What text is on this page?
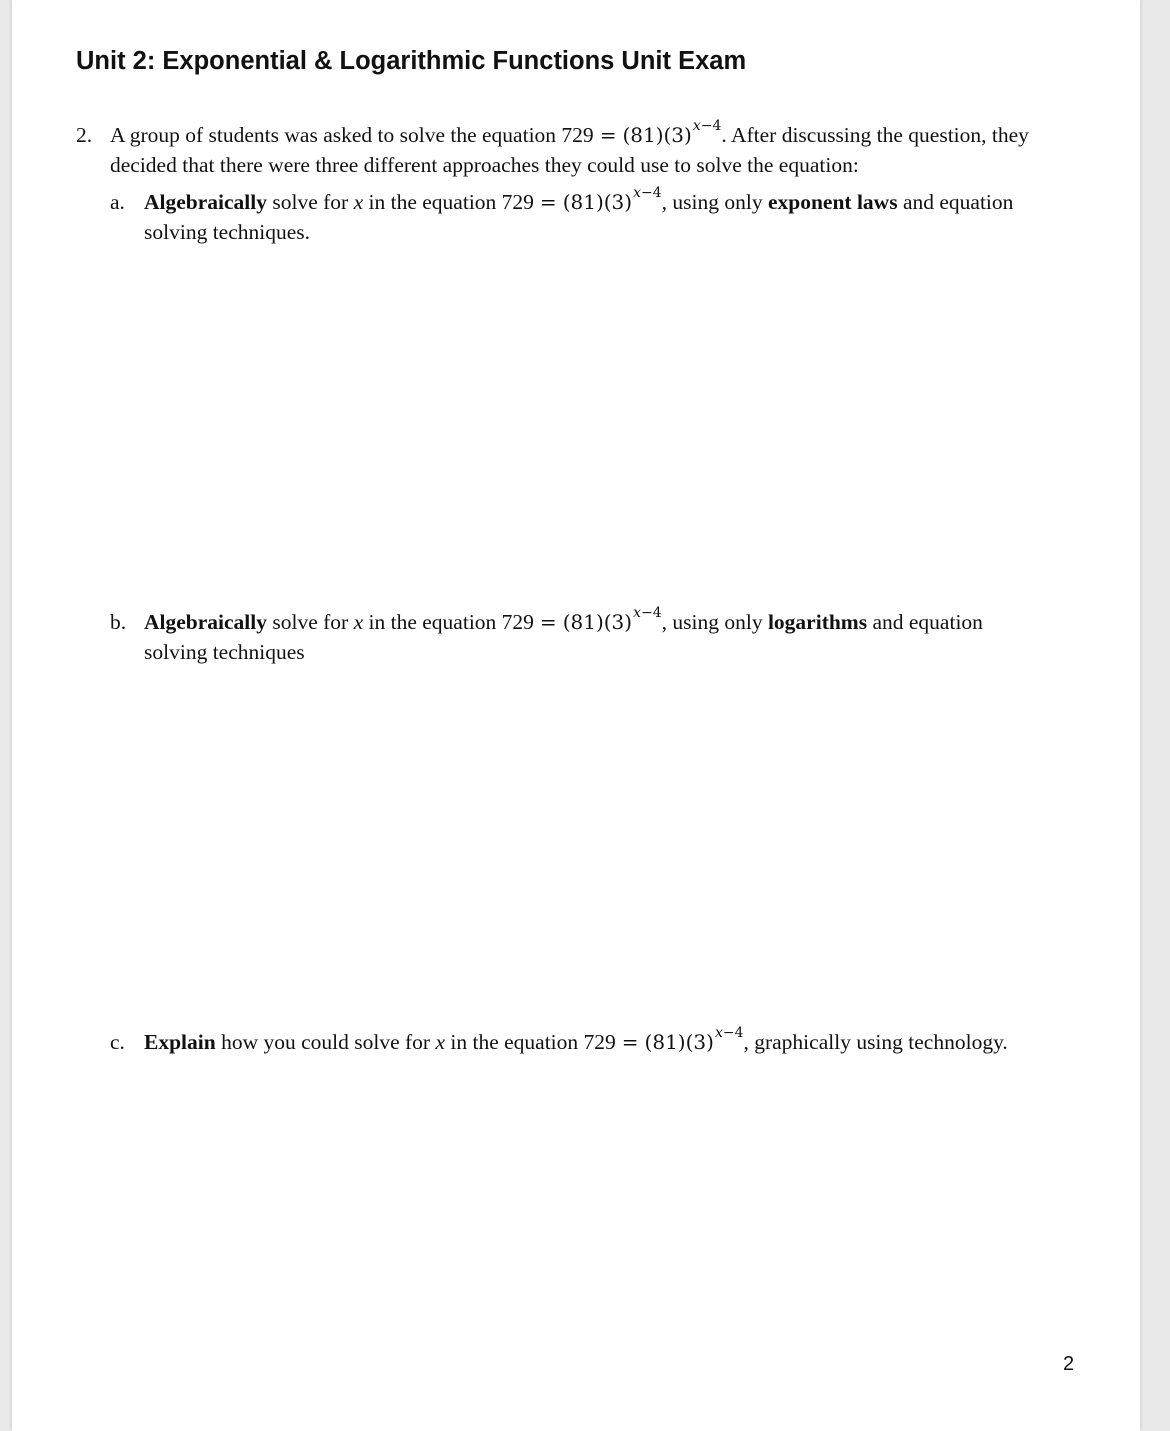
Unit 2: Exponential & Logarithmic Functions Unit Exam
2. A group of students was asked to solve the equation $729 = (81)(3)^{x-4}$. After discussing the question, they
decided that there were three different approaches they could use to solve the equation:
a. Algebraically solve for x in the equation $729 = (81)(3)^{x-4}$, using only exponent laws and equation
solving techniques.
b. Algebraically solve for x in the equation $729 = (81)(3)^{x-4}$, using only logarithms and equation
solving techniques
c. Explain how you could solve for x in the equation $729 = (81)(3)^{x-4}$, graphically using technology.
2
